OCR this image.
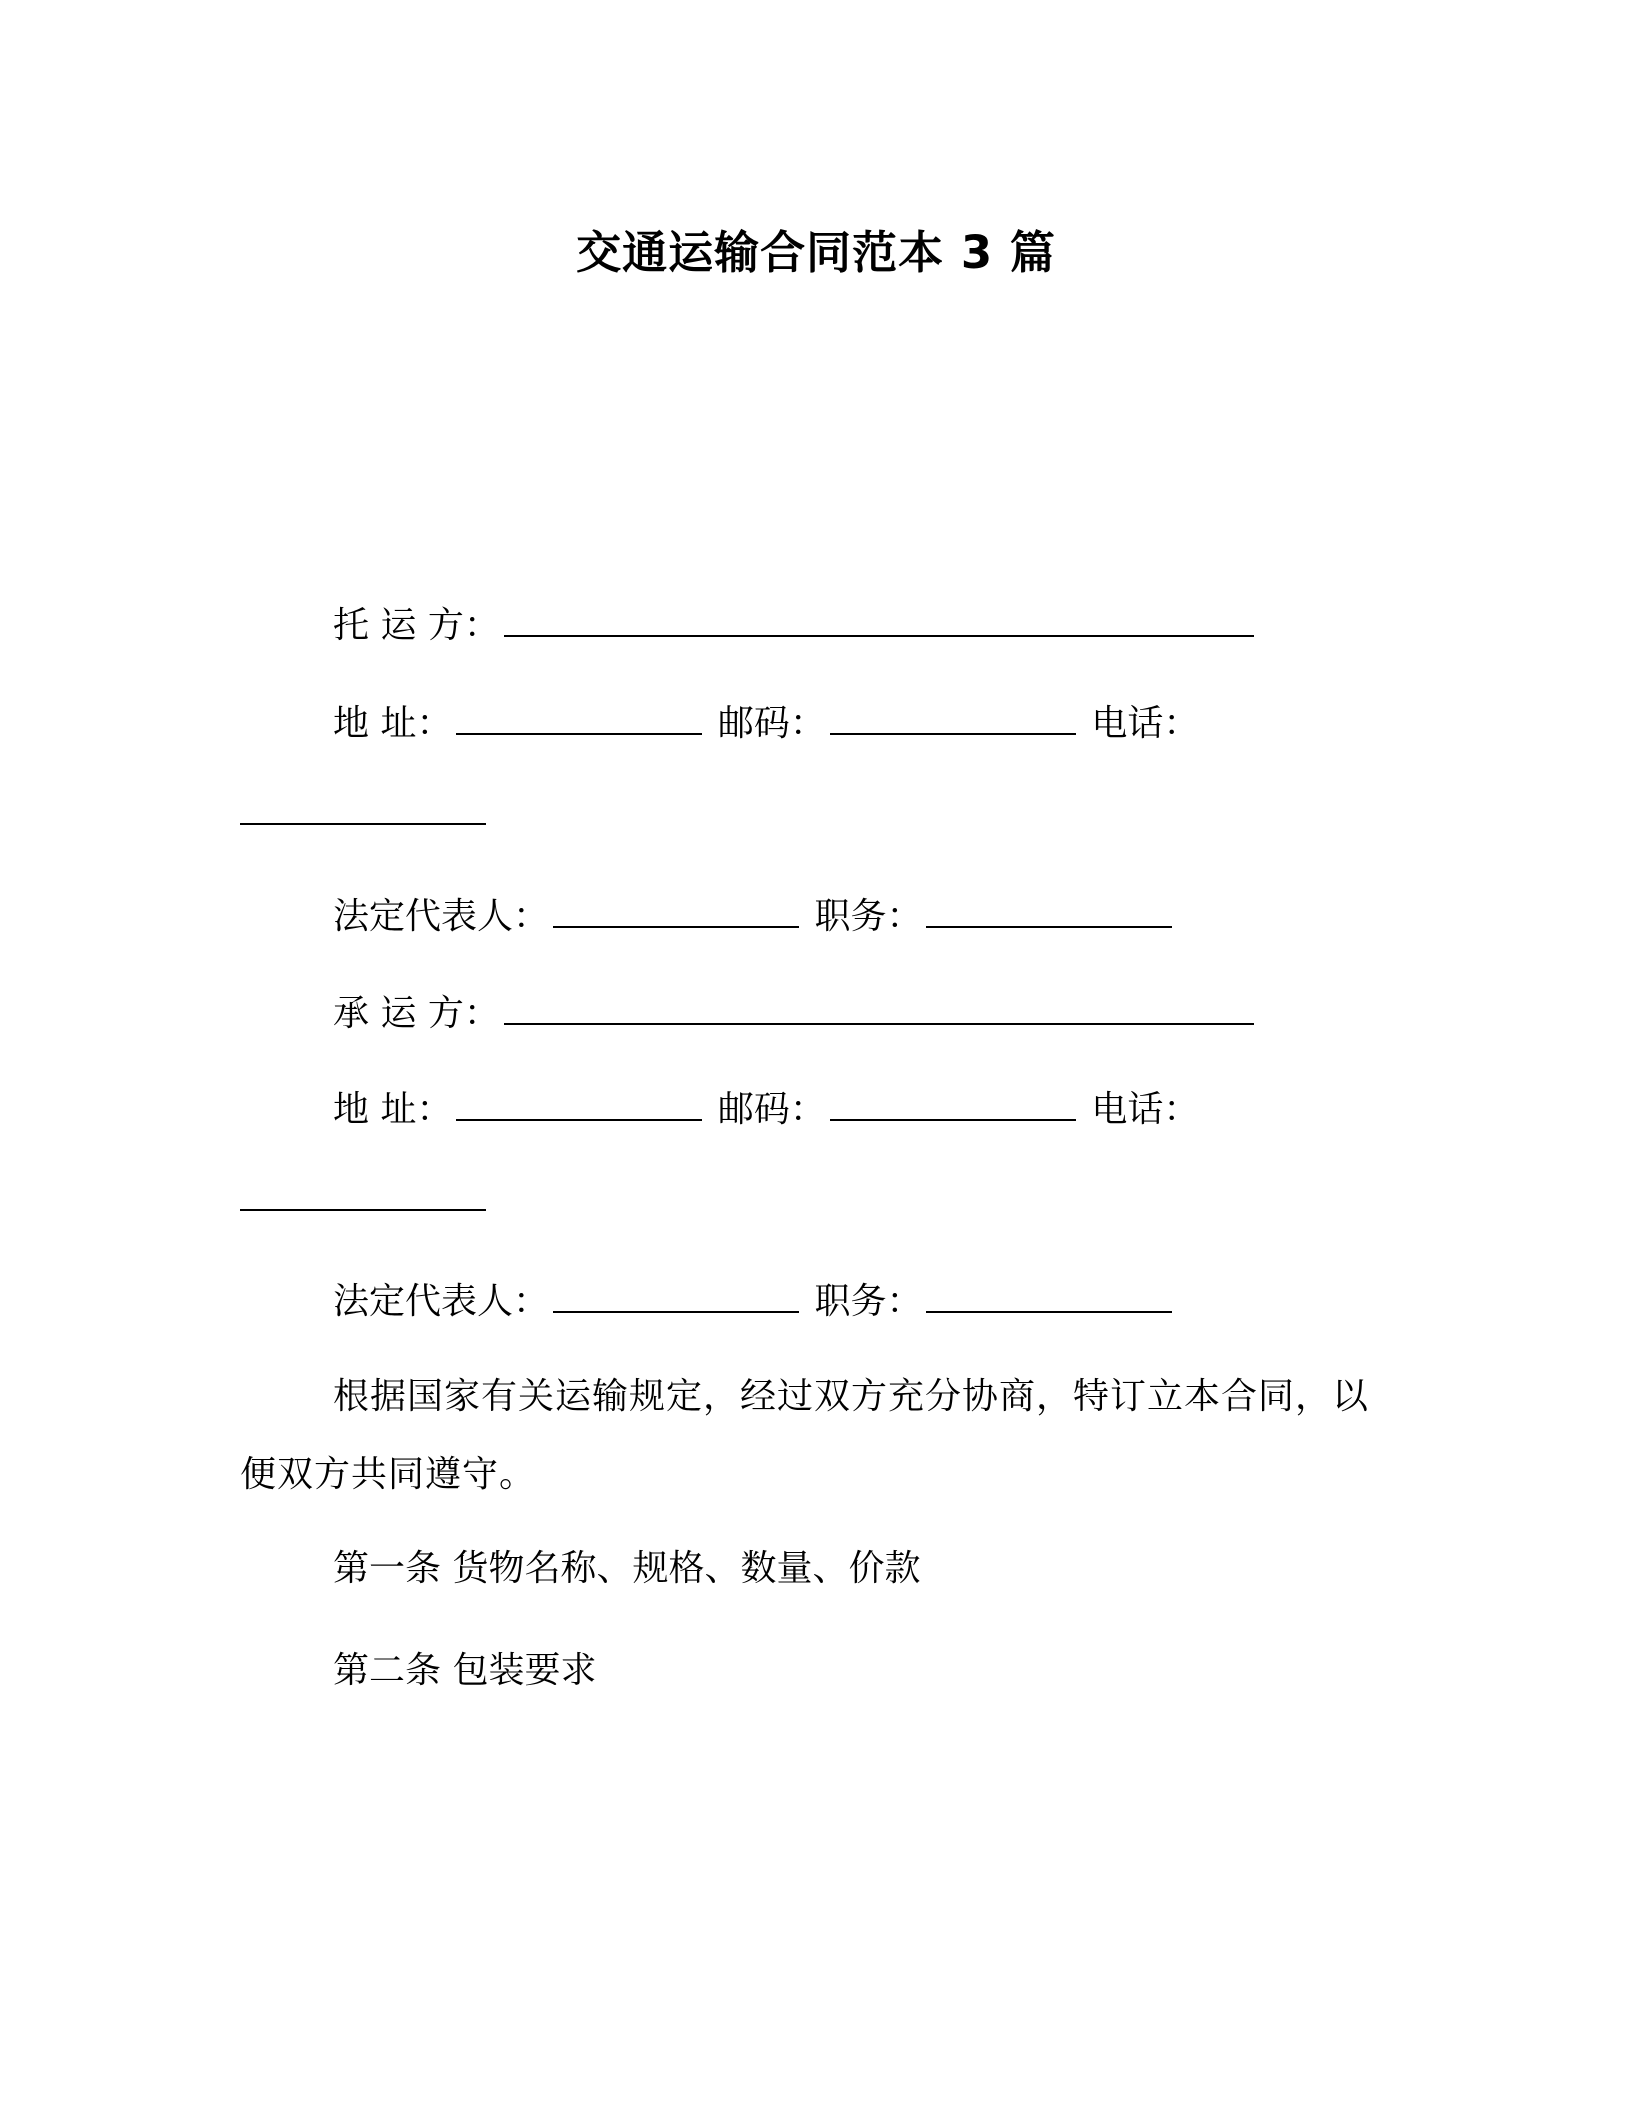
交通运输合同范本 3 篇

托 运 方：

地 址：	邮码：	电话：

法定代表人：	职务：

承 运 方：

地 址：	邮码：	电话：

法定代表人：	职务：

根据国家有关运输规定，经过双方充分协商，特订立本合同，以便双方共同遵守。

第一条 货物名称、规格、数量、价款

第二条 包装要求
